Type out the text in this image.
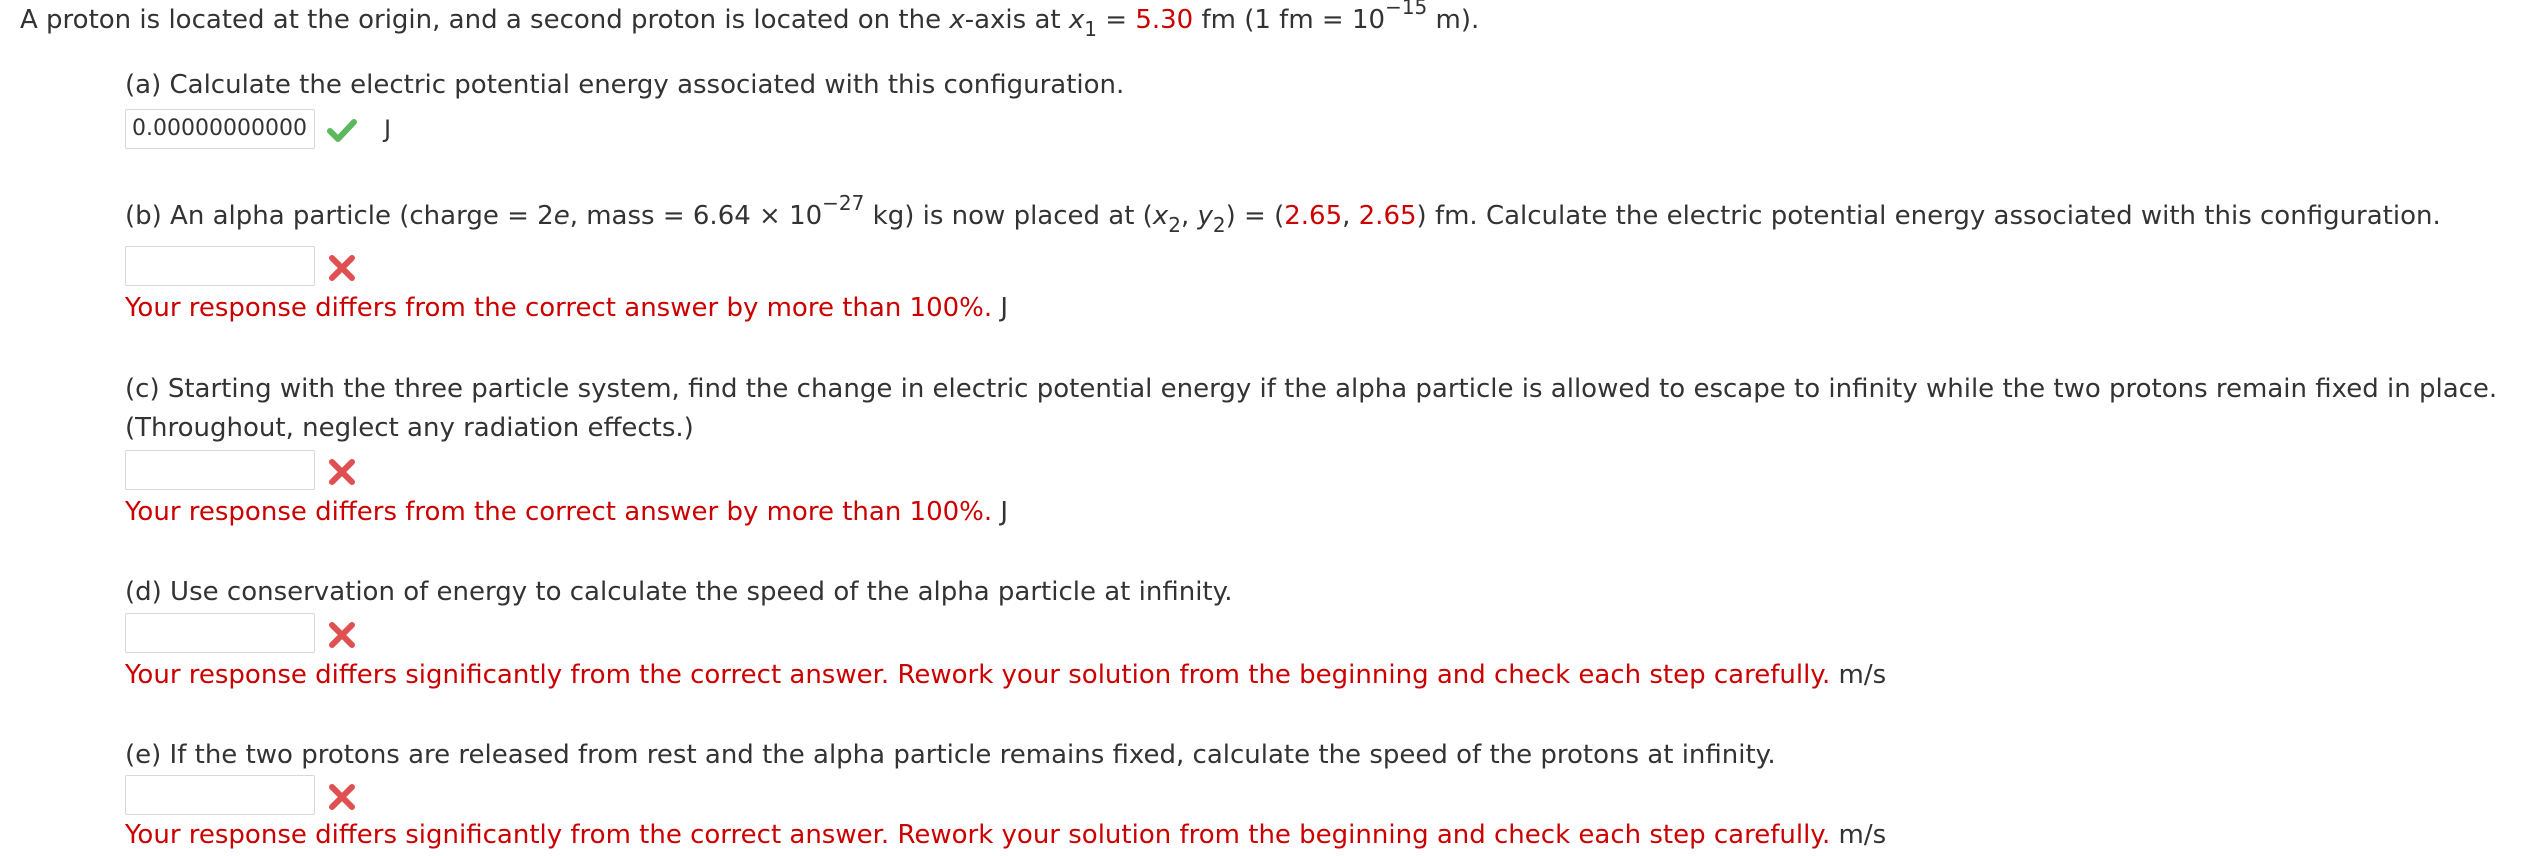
A proton is located at the origin, and a second proton is located on the x-axis at $x_1 = 5.30$ fm (1 fm = $10^{-15}$ m).
(a) Calculate the electric potential energy associated with this configuration.
0.00000000000	J
(b) An alpha particle (charge = 2e, mass = $6.64 \times 10^{-27}$ kg) is now placed at ($x_2$, $y_2) = (2.65$, 2.65) fm. Calculate the electric potential energy associated with this configuration.
Your response differs from the correct answer by more than 100%. J
(c) Starting with the three particle system, find the change in electric potential energy if the alpha particle is allowed to escape to infinity while the two protons remain fixed in place.
(Throughout, neglect any radiation effects.)
Your response differs from the correct answer by more than 100%. J
(d) Use conservation of energy to calculate the speed of the alpha particle at infinity.
Your response differs significantly from the correct answer. Rework your solution from the beginning and check each step carefully. m/s
(e) If the two protons are released from rest and the alpha particle remains fixed, calculate the speed of the protons at infinity.
Your response differs significantly from the correct answer. Rework your solution from the beginning and check each step carefully. m/s
